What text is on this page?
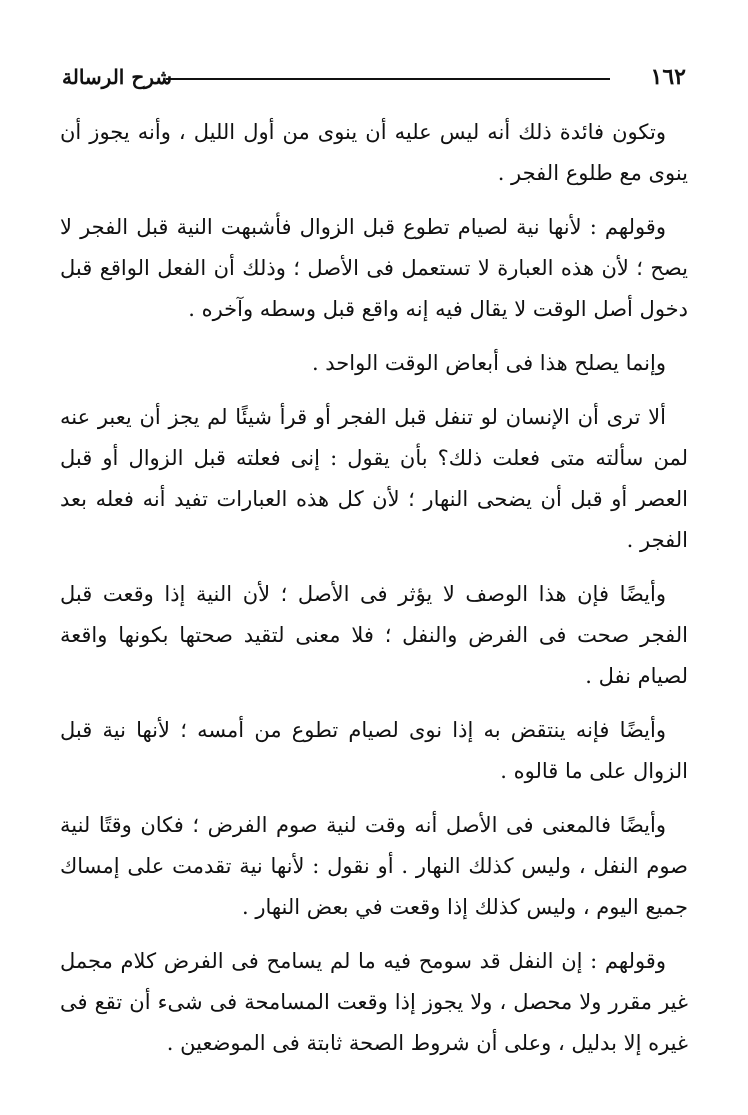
١٦٢
شرح الرسالة

وتكون فائدة ذلك أنه ليس عليه أن ينوى من أول الليل ، وأنه يجوز أن ينوى مع طلوع الفجر .

وقولهم : لأنها نية لصيام تطوع قبل الزوال فأشبهت النية قبل الفجر لا يصح ؛ لأن هذه العبارة لا تستعمل فى الأصل ؛ وذلك أن الفعل الواقع قبل دخول أصل الوقت لا يقال فيه إنه واقع قبل وسطه وآخره .

وإنما يصلح هذا فى أبعاض الوقت الواحد .

ألا ترى أن الإنسان لو تنفل قبل الفجر أو قرأ شيئًا لم يجز أن يعبر عنه لمن سألته متى فعلت ذلك؟ بأن يقول : إنى فعلته قبل الزوال أو قبل العصر أو قبل أن يضحى النهار ؛ لأن كل هذه العبارات تفيد أنه فعله بعد الفجر .

وأيضًا فإن هذا الوصف لا يؤثر فى الأصل ؛ لأن النية إذا وقعت قبل الفجر صحت فى الفرض والنفل ؛ فلا معنى لتقيد صحتها بكونها واقعة لصيام نفل .

وأيضًا فإنه ينتقض به إذا نوى لصيام تطوع من أمسه ؛ لأنها نية قبل الزوال على ما قالوه .

وأيضًا فالمعنى فى الأصل أنه وقت لنية صوم الفرض ؛ فكان وقتًا لنية صوم النفل ، وليس كذلك النهار . أو نقول : لأنها نية تقدمت على إمساك جميع اليوم ، وليس كذلك إذا وقعت في بعض النهار .

وقولهم : إن النفل قد سومح فيه ما لم يسامح فى الفرض كلام مجمل غير مقرر ولا محصل ، ولا يجوز إذا وقعت المسامحة فى شىء أن تقع فى غيره إلا بدليل ، وعلى أن شروط الصحة ثابتة فى الموضعين .
